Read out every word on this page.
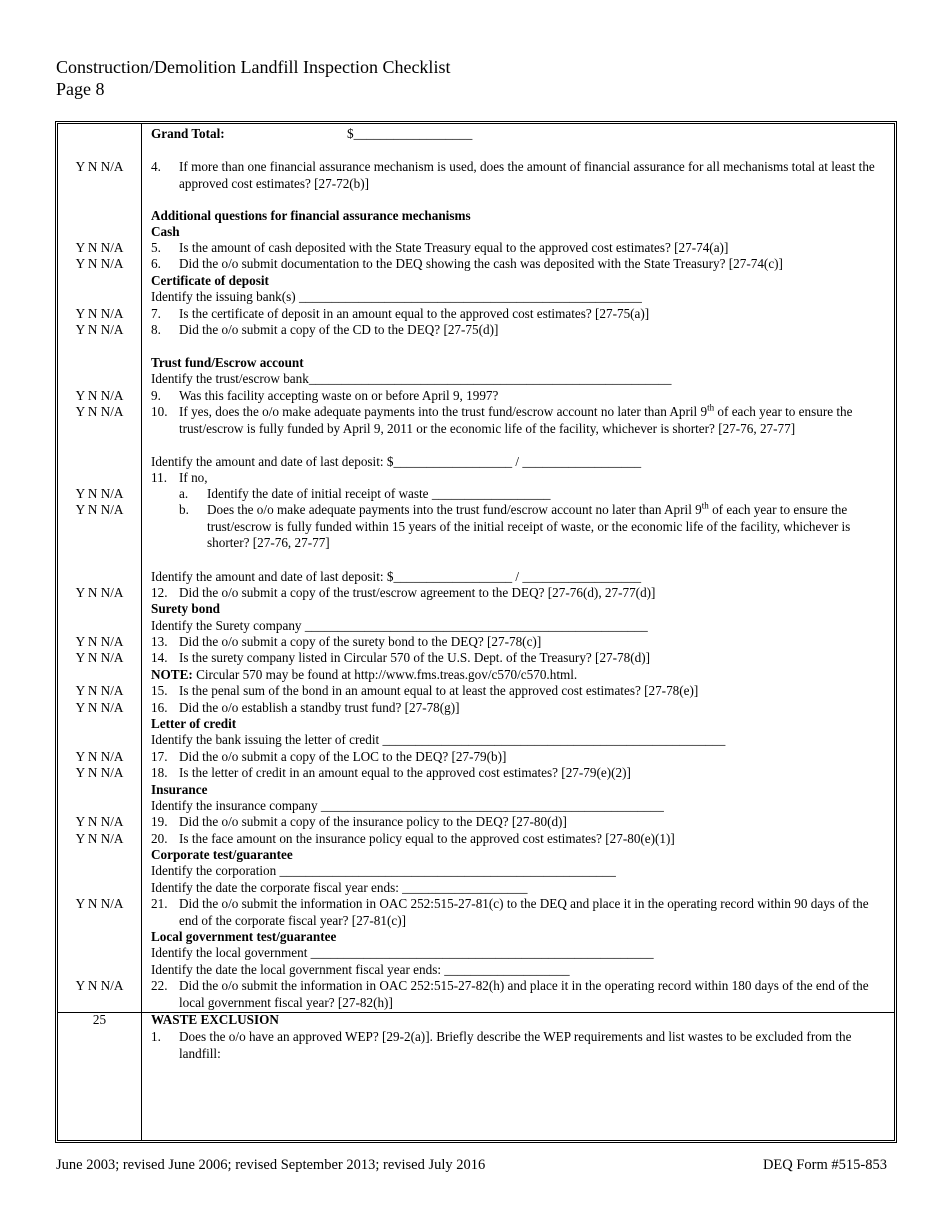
Construction/Demolition Landfill Inspection Checklist
Page 8
Grand Total:	$__________________
Y N N/A	4.	If more than one financial assurance mechanism is used, does the amount of financial assurance for all mechanisms total at least the approved cost estimates? [27-72(b)]
Additional questions for financial assurance mechanisms
Cash
Y N N/A	5.	Is the amount of cash deposited with the State Treasury equal to the approved cost estimates? [27-74(a)]
Y N N/A	6.	Did the o/o submit documentation to the DEQ showing the cash was deposited with the State Treasury? [27-74(c)]
Certificate of deposit
Identify the issuing bank(s) ____________________________________________________
Y N N/A	7.	Is the certificate of deposit in an amount equal to the approved cost estimates? [27-75(a)]
Y N N/A	8.	Did the o/o submit a copy of the CD to the DEQ? [27-75(d)]
Trust fund/Escrow account
Identify the trust/escrow bank_______________________________________________________
Y N N/A	9.	Was this facility accepting waste on or before April 9, 1997?
Y N N/A	10. If yes, does the o/o make adequate payments into the trust fund/escrow account no later than April 9th of each year to ensure the trust/escrow is fully funded by April 9, 2011 or the economic life of the facility, whichever is shorter? [27-76, 27-77]
Identify the amount and date of last deposit: $__________________ / __________________
11. If no,
Y N N/A	a.	Identify the date of initial receipt of waste __________________
Y N N/A	b.	Does the o/o make adequate payments into the trust fund/escrow account no later than April 9th of each year to ensure the trust/escrow is fully funded within 15 years of the initial receipt of waste, or the economic life of the facility, whichever is shorter? [27-76, 27-77]
Identify the amount and date of last deposit: $__________________ / __________________
Y N N/A	12. Did the o/o submit a copy of the trust/escrow agreement to the DEQ? [27-76(d), 27-77(d)]
Surety bond
Identify the Surety company ____________________________________________________
Y N N/A	13. Did the o/o submit a copy of the surety bond to the DEQ? [27-78(c)]
Y N N/A	14. Is the surety company listed in Circular 570 of the U.S. Dept. of the Treasury? [27-78(d)]
NOTE: Circular 570 may be found at http://www.fms.treas.gov/c570/c570.html.
Y N N/A	15. Is the penal sum of the bond in an amount equal to at least the approved cost estimates? [27-78(e)]
Y N N/A	16. Did the o/o establish a standby trust fund? [27-78(g)]
Letter of credit
Identify the bank issuing the letter of credit ____________________________________________________
Y N N/A	17. Did the o/o submit a copy of the LOC to the DEQ? [27-79(b)]
Y N N/A	18. Is the letter of credit in an amount equal to the approved cost estimates? [27-79(e)(2)]
Insurance
Identify the insurance company ____________________________________________________
Y N N/A	19. Did the o/o submit a copy of the insurance policy to the DEQ? [27-80(d)]
Y N N/A	20. Is the face amount on the insurance policy equal to the approved cost estimates? [27-80(e)(1)]
Corporate test/guarantee
Identify the corporation ___________________________________________________
Identify the date the corporate fiscal year ends: ___________________
Y N N/A	21. Did the o/o submit the information in OAC 252:515-27-81(c) to the DEQ and place it in the operating record within 90 days of the end of the corporate fiscal year? [27-81(c)]
Local government test/guarantee
Identify the local government ____________________________________________________
Identify the date the local government fiscal year ends: ___________________
Y N N/A	22. Did the o/o submit the information in OAC 252:515-27-82(h) and place it in the operating record within 180 days of the end of the local government fiscal year? [27-82(h)]
25	WASTE EXCLUSION
1.	Does the o/o have an approved WEP? [29-2(a)]. Briefly describe the WEP requirements and list wastes to be excluded from the landfill:
June 2003; revised June 2006; revised September 2013; revised July 2016	DEQ Form #515-853
